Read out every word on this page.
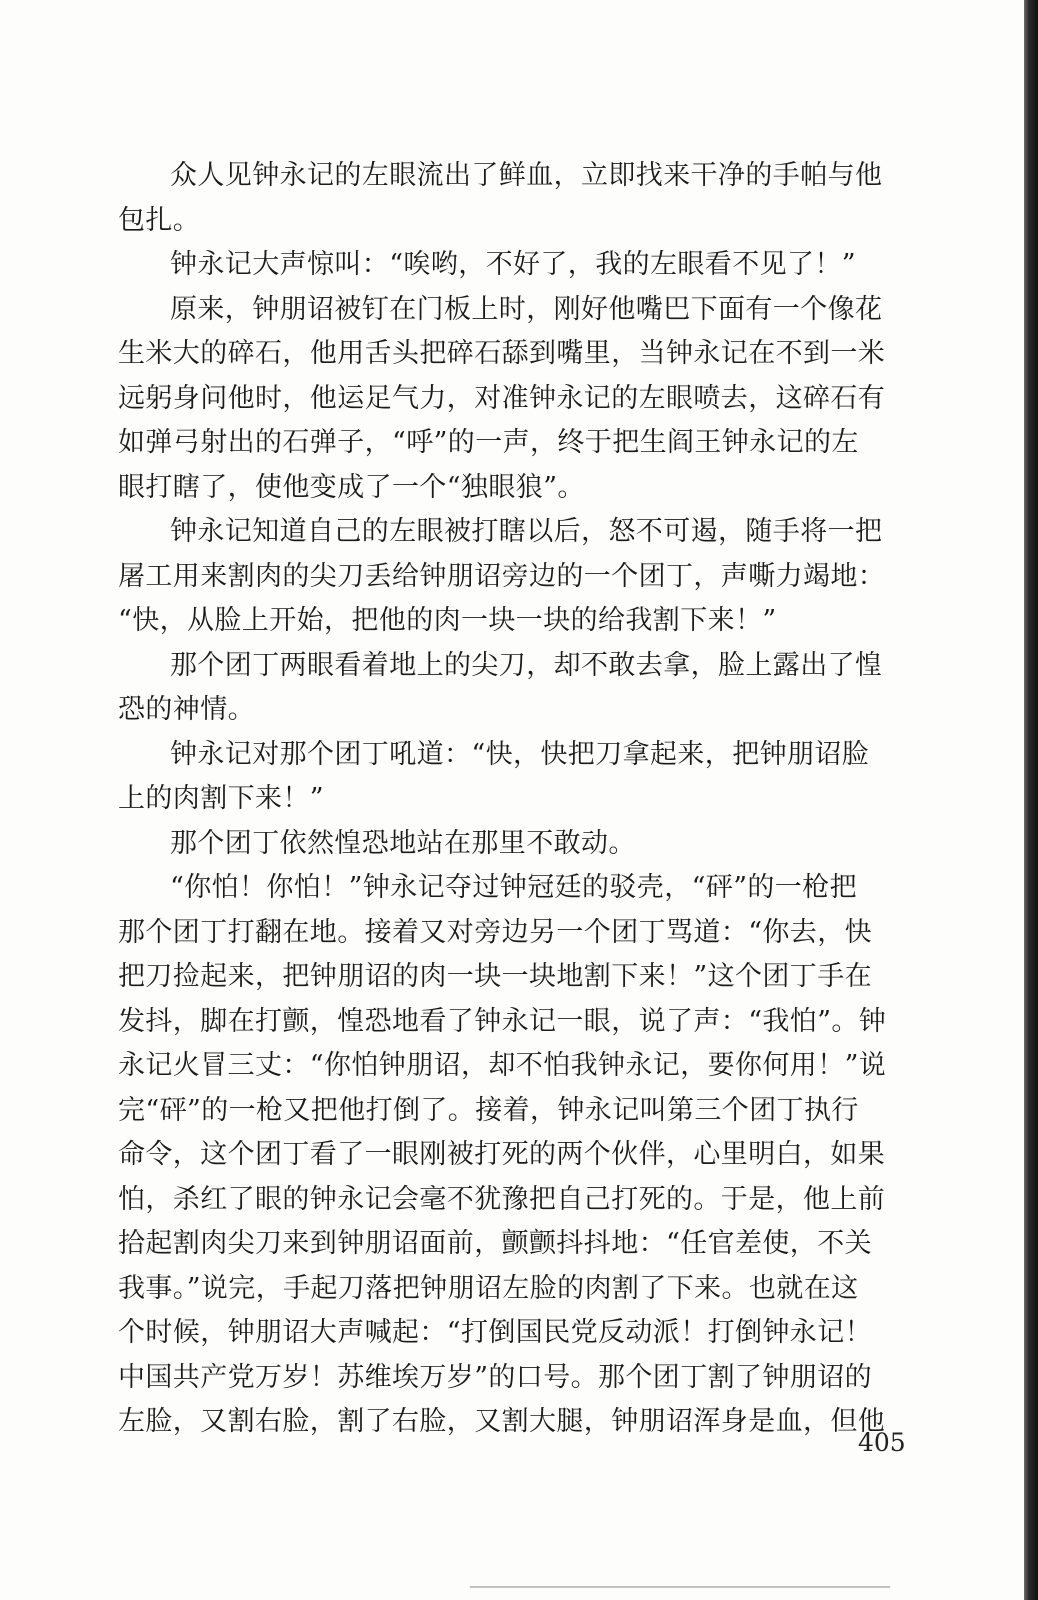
众人见钟永记的左眼流出了鲜血，立即找来干净的手帕与他
包扎。
钟永记大声惊叫：“唉哟，不好了，我的左眼看不见了！”
原来，钟朋诏被钉在门板上时，刚好他嘴巴下面有一个像花
生米大的碎石，他用舌头把碎石舔到嘴里，当钟永记在不到一米
远躬身问他时，他运足气力，对准钟永记的左眼喷去，这碎石有
如弹弓射出的石弹子，“呼”的一声，终于把生阎王钟永记的左
眼打瞎了，使他变成了一个“独眼狼”。
钟永记知道自己的左眼被打瞎以后，怒不可遏，随手将一把
屠工用来割肉的尖刀丢给钟朋诏旁边的一个团丁，声嘶力竭地：
“快，从脸上开始，把他的肉一块一块的给我割下来！”
那个团丁两眼看着地上的尖刀，却不敢去拿，脸上露出了惶
恐的神情。
钟永记对那个团丁吼道：“快，快把刀拿起来，把钟朋诏脸
上的肉割下来！”
那个团丁依然惶恐地站在那里不敢动。
“你怕！你怕！”钟永记夺过钟冠廷的驳壳，“砰”的一枪把
那个团丁打翻在地。接着又对旁边另一个团丁骂道：“你去，快
把刀捡起来，把钟朋诏的肉一块一块地割下来！”这个团丁手在
发抖，脚在打颤，惶恐地看了钟永记一眼，说了声：“我怕”。钟
永记火冒三丈：“你怕钟朋诏，却不怕我钟永记，要你何用！”说
完“砰”的一枪又把他打倒了。接着，钟永记叫第三个团丁执行
命令，这个团丁看了一眼刚被打死的两个伙伴，心里明白，如果
怕，杀红了眼的钟永记会毫不犹豫把自己打死的。于是，他上前
拾起割肉尖刀来到钟朋诏面前，颤颤抖抖地：“任官差使，不关
我事。”说完，手起刀落把钟朋诏左脸的肉割了下来。也就在这
个时候，钟朋诏大声喊起：“打倒国民党反动派！打倒钟永记！
中国共产党万岁！苏维埃万岁”的口号。那个团丁割了钟朋诏的
左脸，又割右脸，割了右脸，又割大腿，钟朋诏浑身是血，但他
405
